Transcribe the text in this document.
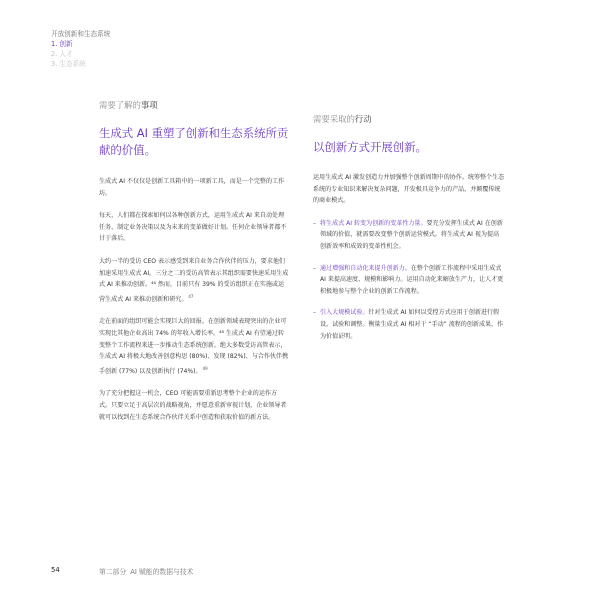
开放创新和生态系统
1. 创新
2. 人才
3. 生态系统
需要了解的事项
生成式 AI 重塑了创新和生态系统所贡献的价值。

生成式 AI 不仅仅是创新工具箱中的一项新工具，而是一个完整的工作坊。

每天，人们都在探索如何以各种创新方式，运用生成式 AI 来自动处理任务、制定业务决策以及为未来的变革做好计划。任何企业领导者都不甘于落后。

大约一半的受访 CEO 表示感受到来自业务合作伙伴的压力，要求他们加速采用生成式 AI。三分之二的受访高管表示其组织需要快速采用生成式 AI 来推动创新。⁴⁶ 然而，目前只有 39% 的受访组织正在实施或运营生成式 AI 来推动创新和研究。$^{47}$

走在前面的组织可能会实现巨大的回报。在创新领域表现突出的企业可实现比其他企业高出 74% 的年收入增长率。⁴⁸ 生成式 AI 有望通过转变整个工作流程来进一步推动生态系统创新。绝大多数受访高管表示，生成式 AI 将极大地改善创意构思 (80%)、发现 (82%)、与合作伙伴携手创新 (77%) 以及创新执行 (74%)。$^{49}$

为了充分把握这一机会，CEO 可能需要重新思考整个企业的运作方式。只要立足于高层次的战略视角，并愿意重新审视计划，企业领导者就可以找到在生态系统合作伙伴关系中创造和获取价值的新方法。

需要采取的行动
以创新方式开展创新。

运用生成式 AI 激发创造力并加强整个创新周期中的协作。统筹整个生态系统的专业知识来解决复杂问题，开发极具竞争力的产品，并颠覆传统的商业模式。

– 将生成式 AI 转变为创新的变革性力量。要充分发挥生成式 AI 在创新领域的价值，就需要改变整个创新运营模式。将生成式 AI 视为提高创新效率和成效的变革性机会。
– 通过增强和自动化来提升创新力。在整个创新工作流程中采用生成式 AI 来提高速度、规模和影响力。运用自动化来解放生产力，让人才更积极地参与整个企业的创新工作流程。
– 引入大规模试验。针对生成式 AI 如何以受控方式应用于创新进行假设、试验和调整。衡量生成式 AI 相对于 “手动” 流程的创新成果，作为价值证明。
54	第二部分 AI 赋能的数据与技术
